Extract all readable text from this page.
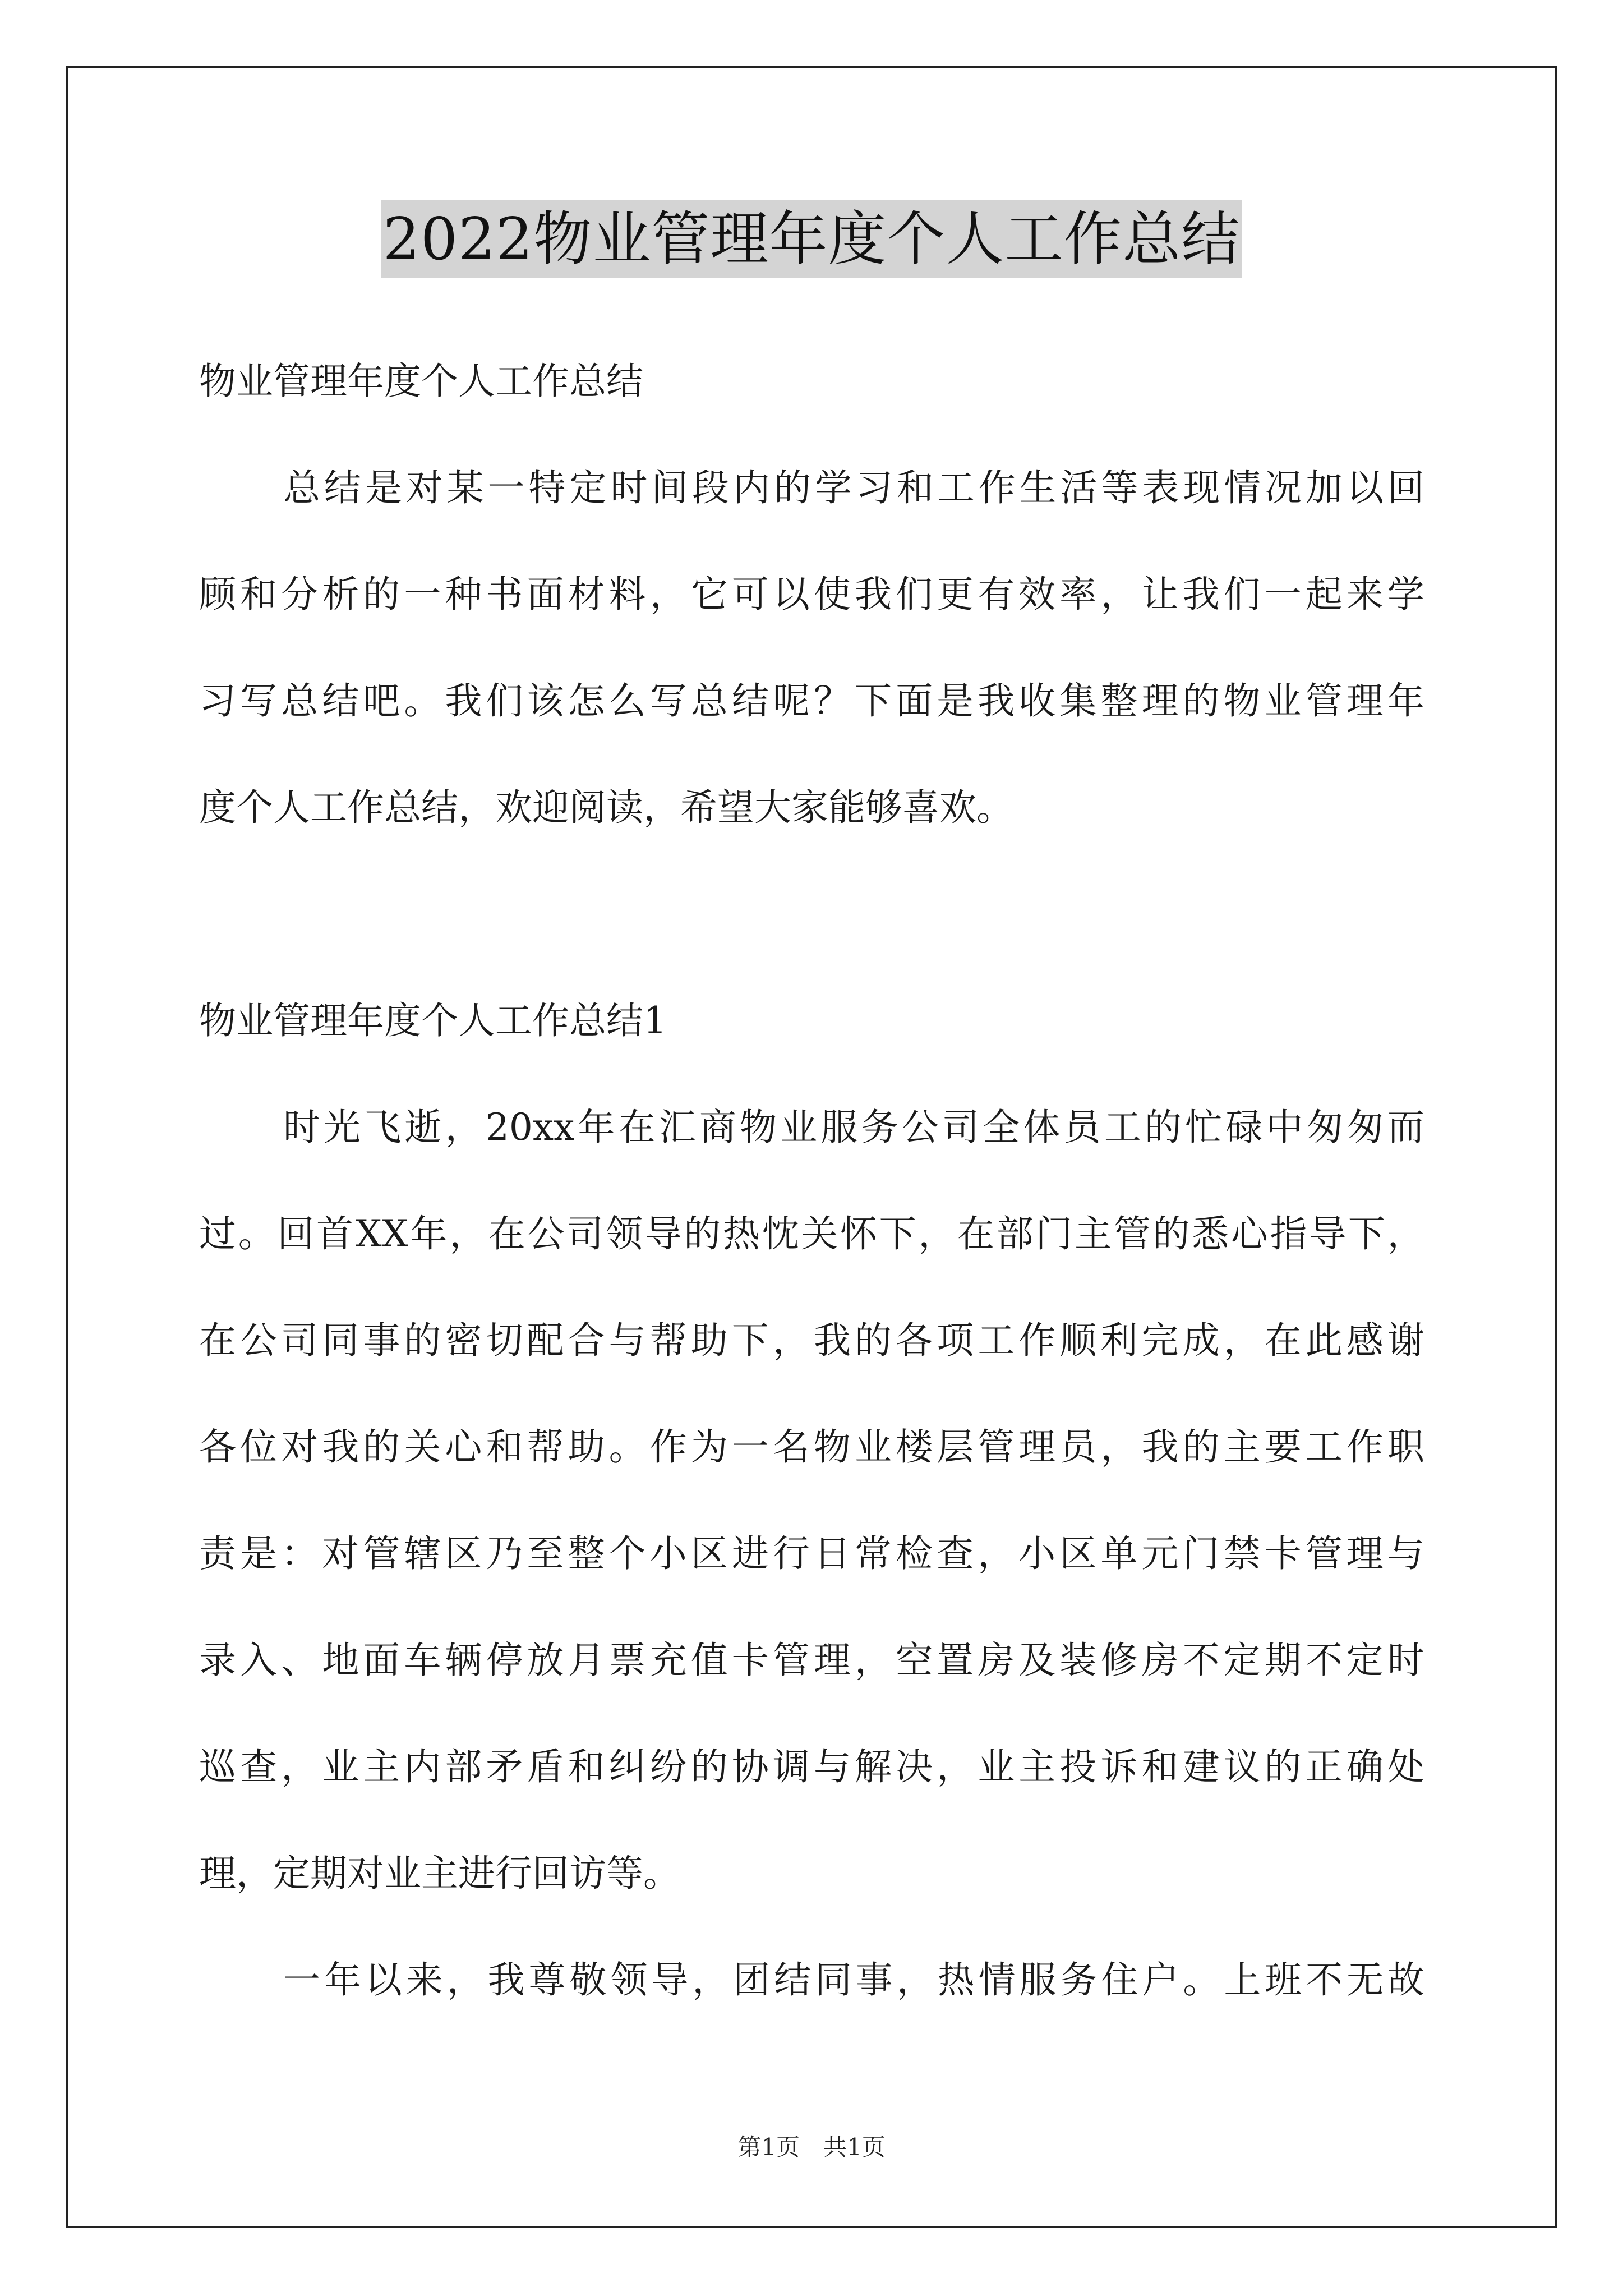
2022物业管理年度个人工作总结
物业管理年度个人工作总结
总 结 是 对 某 一 特 定 时 间 段 内 的 学 习 和 工 作 生 活 等 表 现 情 况 加 以 回
顾 和 分 析 的 一 种 书 面 材 料 ， 它 可 以 使 我 们 更 有 效 率 ， 让 我 们 一 起 来 学
习 写 总 结 吧 。 我 们 该 怎 么 写 总 结 呢 ？ 下 面 是 我 收 集 整 理 的 物 业 管 理 年
度个人工作总结，欢迎阅读，希望大家能够喜欢。
物业管理年度个人工作总结1
时 光 飞 逝 ， 20xx 年 在 汇 商 物 业 服 务 公 司 全 体 员 工 的 忙 碌 中 匆 匆 而
过 。 回 首 XX 年 ， 在 公 司 领 导 的 热 忱 关 怀 下 ， 在 部 门 主 管 的 悉 心 指 导 下 ，
在 公 司 同 事 的 密 切 配 合 与 帮 助 下 ， 我 的 各 项 工 作 顺 利 完 成 ， 在 此 感 谢
各 位 对 我 的 关 心 和 帮 助 。 作 为 一 名 物 业 楼 层 管 理 员 ， 我 的 主 要 工 作 职
责 是 ： 对 管 辖 区 乃 至 整 个 小 区 进 行 日 常 检 查 ， 小 区 单 元 门 禁 卡 管 理 与
录 入 、 地 面 车 辆 停 放 月 票 充 值 卡 管 理 ， 空 置 房 及 装 修 房 不 定 期 不 定 时
巡 查 ， 业 主 内 部 矛 盾 和 纠 纷 的 协 调 与 解 决 ， 业 主 投 诉 和 建 议 的 正 确 处
理，定期对业主进行回访等。
一 年 以 来 ， 我 尊 敬 领 导 ， 团 结 同 事 ， 热 情 服 务 住 户 。 上 班 不 无 故
第1页　共1页
